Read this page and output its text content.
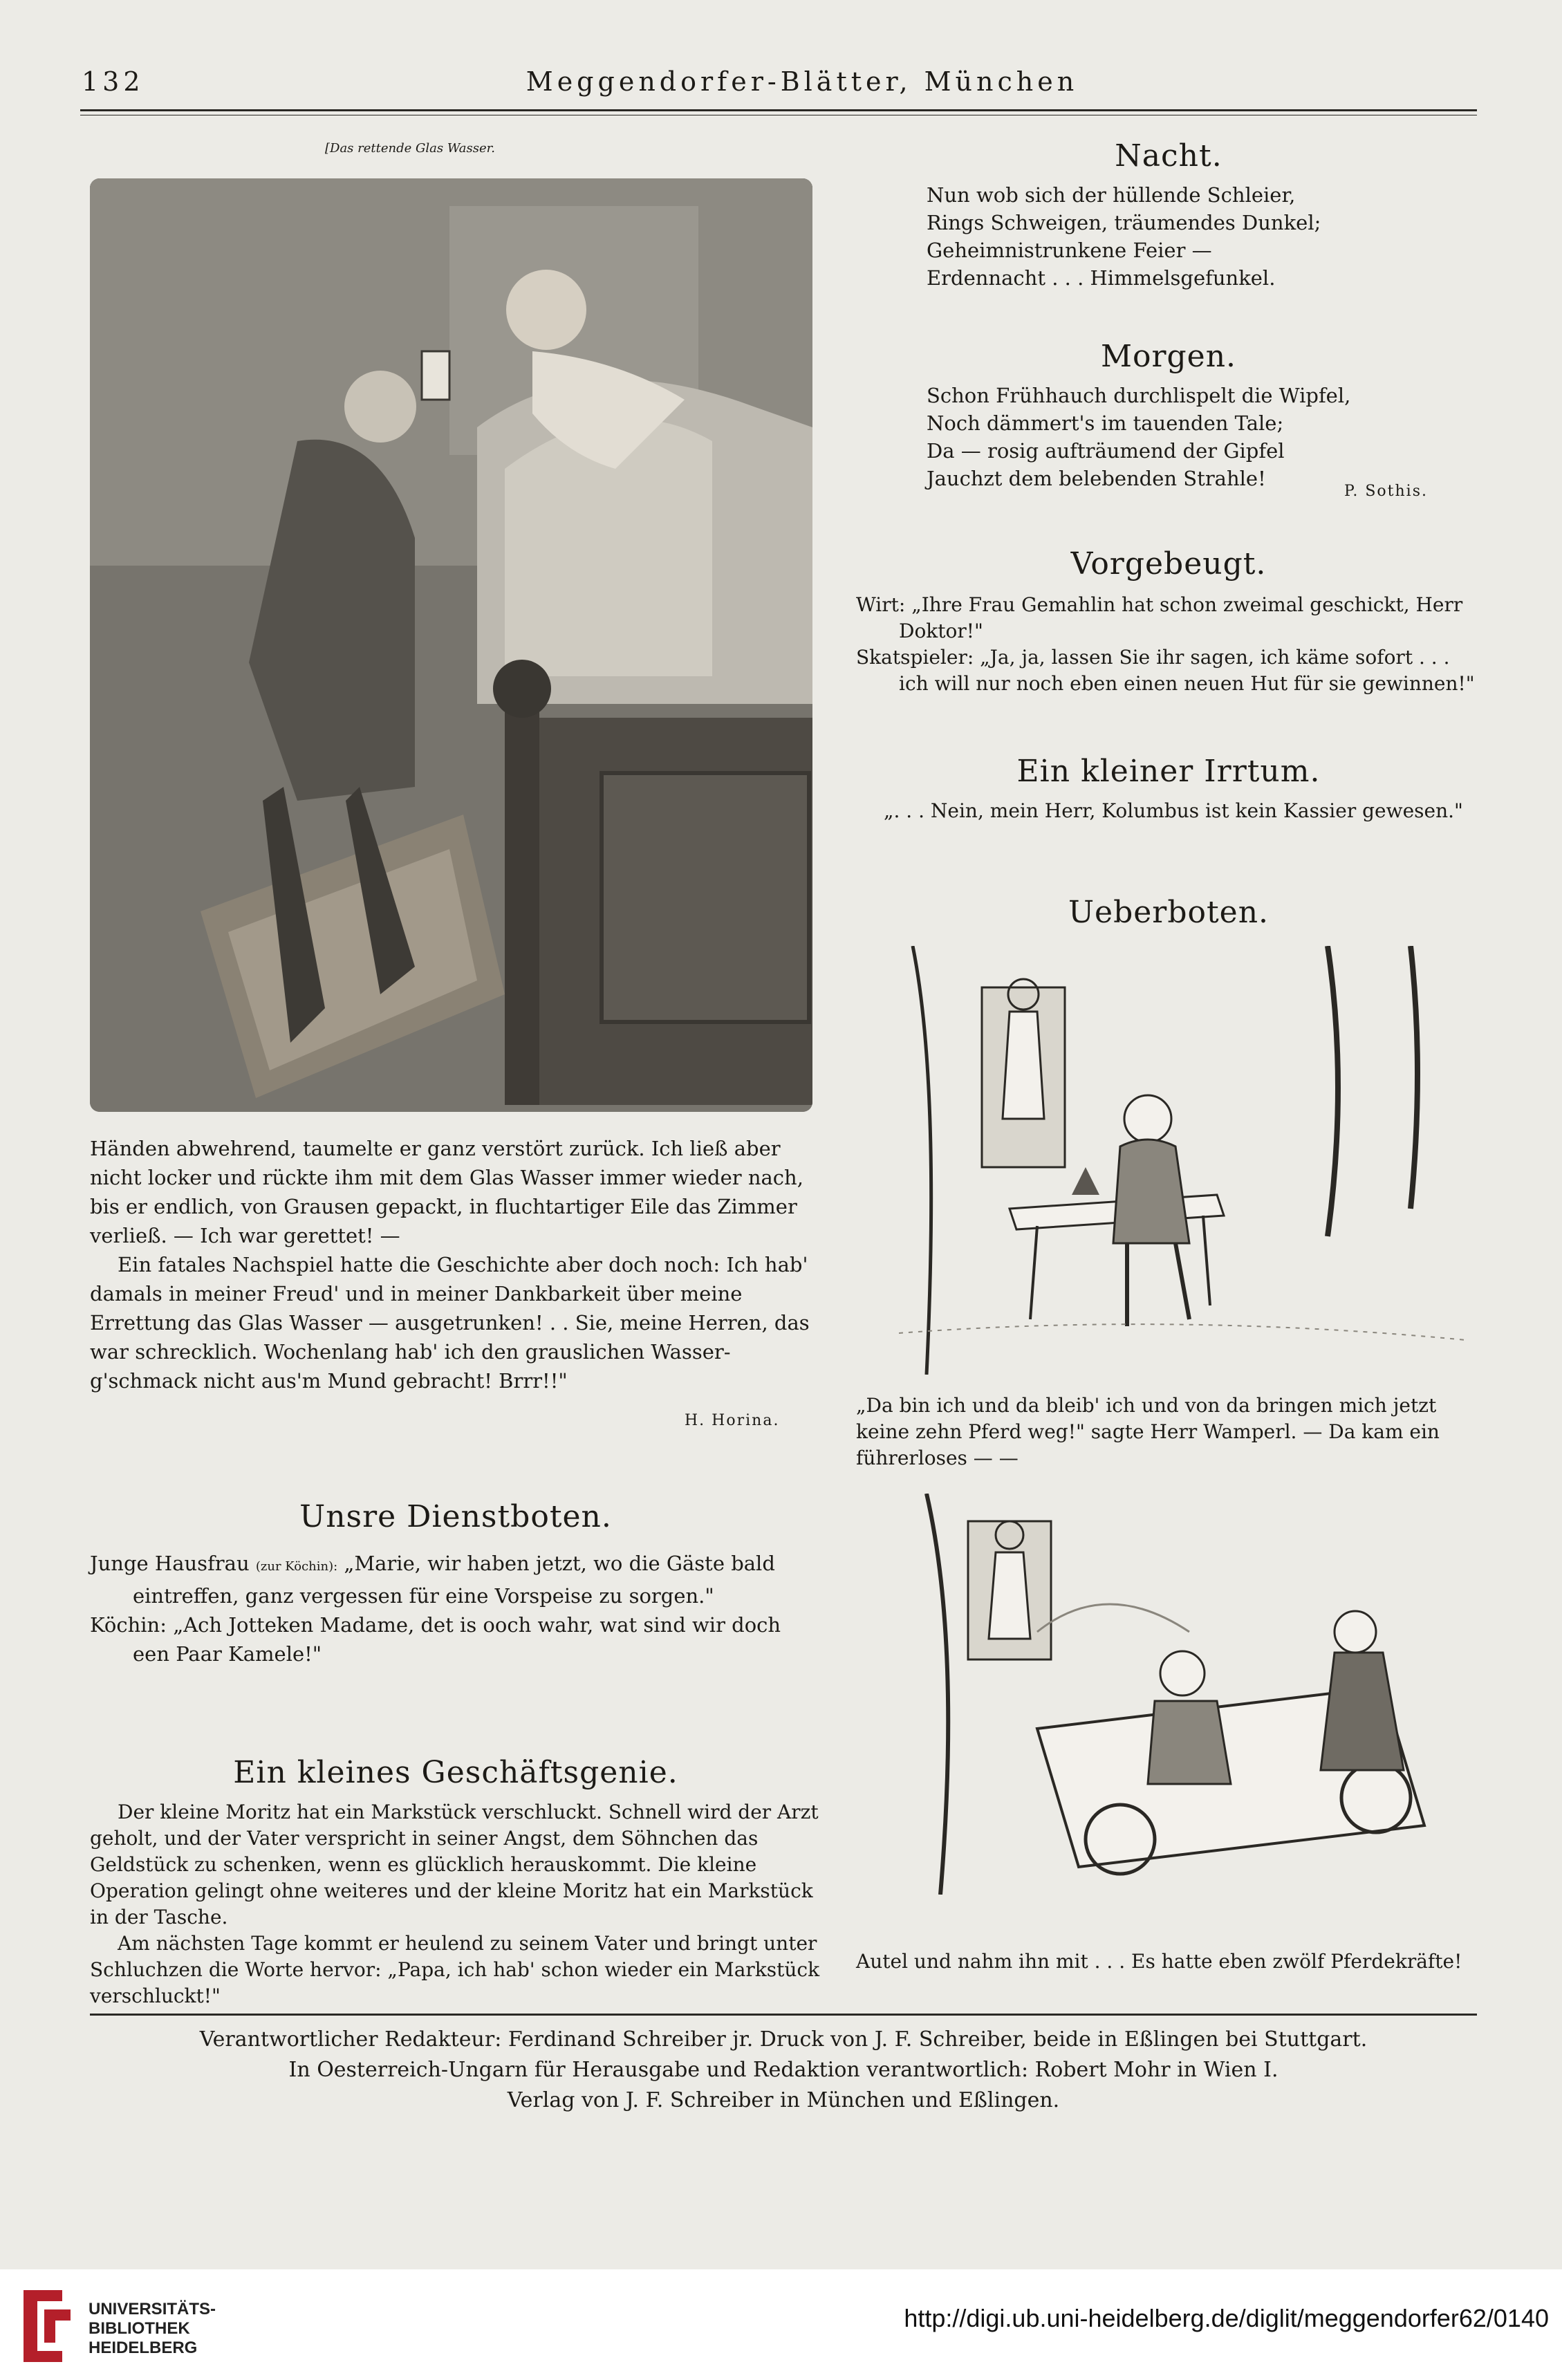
132	Meggendorfer-Blätter, München
[Das rettende Glas Wasser.

Händen abwehrend, taumelte er ganz verstört zurück. Ich ließ aber

nicht locker und rückte ihm mit dem Glas Wasser immer wieder nach,

bis er endlich, von Grausen gepackt, in fluchtartiger Eile das Zimmer

verließ. — Ich war gerettet! —

Ein fatales Nachspiel hatte die Geschichte aber doch noch: Ich hab' damals in meiner Freud' und in meiner Dankbarkeit über meine Errettung das Glas Wasser — ausgetrunken! . . Sie, meine Herren, das war schrecklich. Wochenlang hab' ich den grauslichen Wasser-g'schmack nicht aus'm Mund gebracht! Brrr!!"

H. Horina.
Unsre Dienstboten.

Junge Hausfrau (zur Köchin): „Marie, wir haben jetzt, wo die Gäste bald eintreffen, ganz vergessen für eine Vorspeise zu sorgen."

Köchin: „Ach Jotteken Madame, det is ooch wahr, wat sind wir doch een Paar Kamele!"

Ein kleines Geschäftsgenie.

Der kleine Moritz hat ein Markstück verschluckt. Schnell wird der Arzt geholt, und der Vater verspricht in seiner Angst, dem Söhnchen das Geldstück zu schenken, wenn es glücklich herauskommt. Die kleine Operation gelingt ohne weiteres und der kleine Moritz hat ein Markstück in der Tasche.

Am nächsten Tage kommt er heulend zu seinem Vater und bringt unter Schluchzen die Worte hervor: „Papa, ich hab' schon wieder ein Markstück verschluckt!"

Nacht.

Nun wob sich der hüllende Schleier,

Rings Schweigen, träumendes Dunkel;

Geheimnistrunkene Feier —

Erdennacht . . . Himmelsgefunkel.

Morgen.

Schon Frühhauch durchlispelt die Wipfel,

Noch dämmert's im tauenden Tale;

Da — rosig aufträumend der Gipfel

Jauchzt dem belebenden Strahle!

P. Sothis.
Vorgebeugt.

Wirt: „Ihre Frau Gemahlin hat schon zweimal geschickt, Herr Doktor!"

Skatspieler: „Ja, ja, lassen Sie ihr sagen, ich käme sofort . . . ich will nur noch eben einen neuen Hut für sie gewinnen!"

Ein kleiner Irrtum.
„. . . Nein, mein Herr, Kolumbus ist kein Kassier gewesen."
Ueberboten.
„Da bin ich und da bleib' ich und von da bringen mich jetzt keine zehn Pferd weg!" sagte Herr Wamperl. — Da kam ein führerloses — —
Autel und nahm ihn mit . . . Es hatte eben zwölf Pferdekräfte!
Verantwortlicher Redakteur: Ferdinand Schreiber jr. Druck von J. F. Schreiber, beide in Eßlingen bei Stuttgart.
In Oesterreich-Ungarn für Herausgabe und Redaktion verantwortlich: Robert Mohr in Wien I.
Verlag von J. F. Schreiber in München und Eßlingen.
UNIVERSITÄTS-
BIBLIOTHEK
HEIDELBERG
http://digi.ub.uni-heidelberg.de/diglit/meggendorfer62/0140
